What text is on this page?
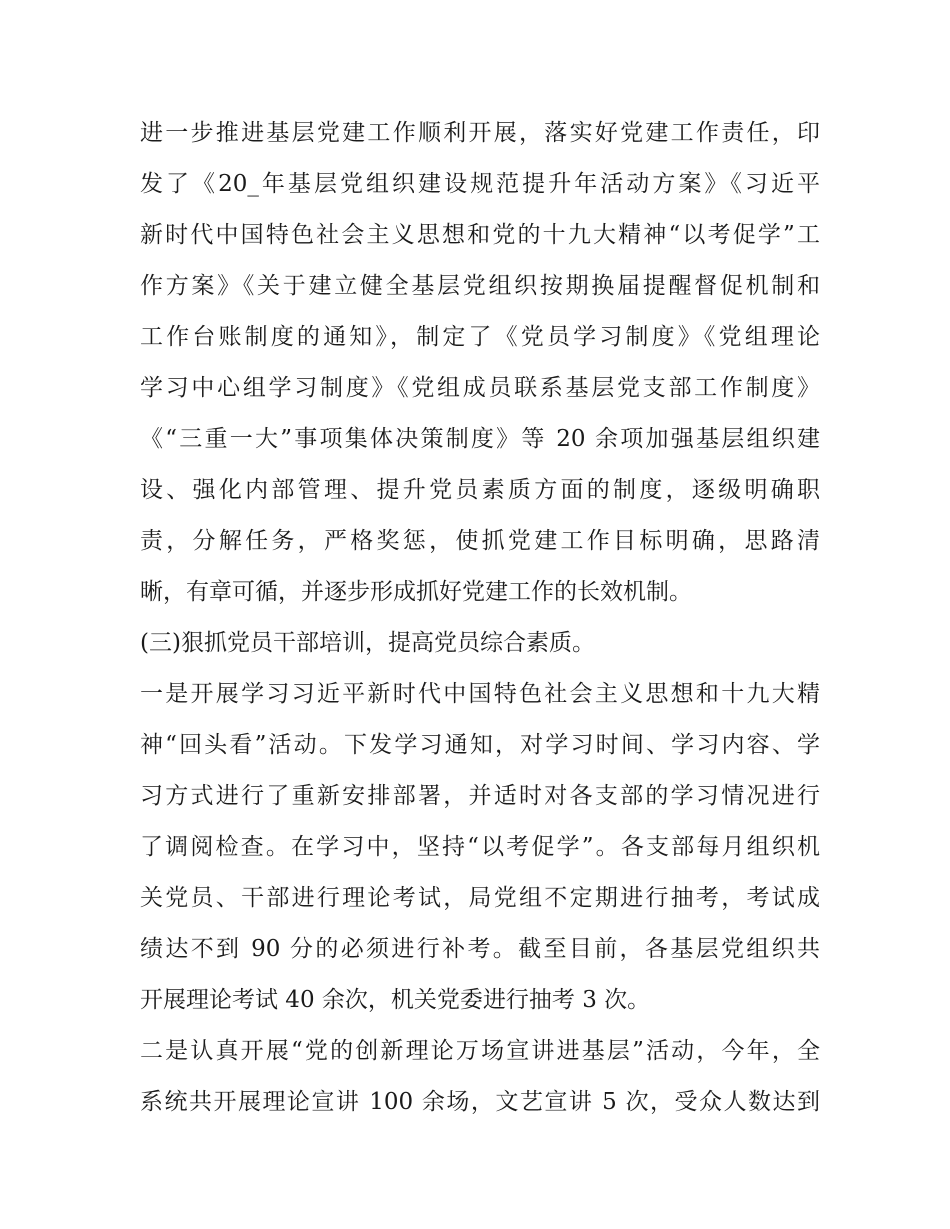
进一步推进基层党建工作顺利开展，落实好党建工作责任，印
发了《20_年基层党组织建设规范提升年活动方案》《习近平
新时代中国特色社会主义思想和党的十九大精神“以考促学”工
作方案》《关于建立健全基层党组织按期换届提醒督促机制和
工作台账制度的通知》，制定了《党员学习制度》《党组理论
学习中心组学习制度》《党组成员联系基层党支部工作制度》
《“三重一大”事项集体决策制度》等 20 余项加强基层组织建
设、强化内部管理、提升党员素质方面的制度，逐级明确职
责，分解任务，严格奖惩，使抓党建工作目标明确，思路清
晰，有章可循，并逐步形成抓好党建工作的长效机制。
(三)狠抓党员干部培训，提高党员综合素质。
一是开展学习习近平新时代中国特色社会主义思想和十九大精
神“回头看”活动。下发学习通知，对学习时间、学习内容、学
习方式进行了重新安排部署，并适时对各支部的学习情况进行
了调阅检查。在学习中，坚持“以考促学”。各支部每月组织机
关党员、干部进行理论考试，局党组不定期进行抽考，考试成
绩达不到 90 分的必须进行补考。截至目前，各基层党组织共
开展理论考试 40 余次，机关党委进行抽考 3 次。
二是认真开展“党的创新理论万场宣讲进基层”活动，今年，全
系统共开展理论宣讲 100 余场，文艺宣讲 5 次，受众人数达到
